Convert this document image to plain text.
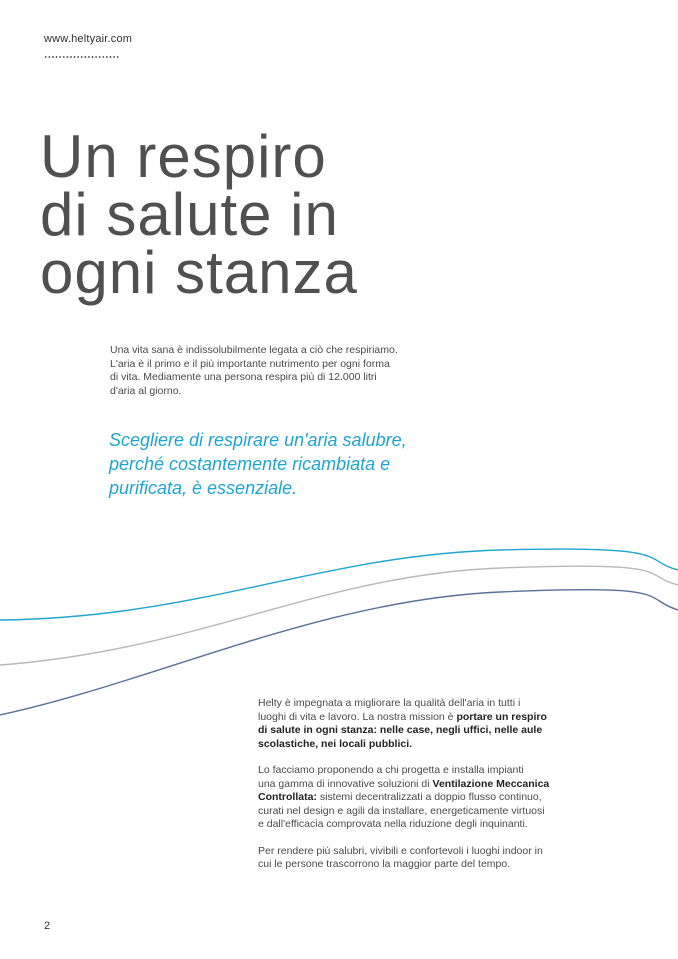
www.heltyair.com
Un respiro
di salute in
ogni stanza
Una vita sana è indissolubilmente legata a ciò che respiriamo.
L'aria è il primo e il più importante nutrimento per ogni forma
di vita. Mediamente una persona respira più di 12.000 litri
d'aria al giorno.
Scegliere di respirare un'aria salubre,
perché costantemente ricambiata e
purificata, è essenziale.

Helty è impegnata a migliorare la qualità dell'aria in tutti i
luoghi di vita e lavoro. La nostra mission è portare un respiro
di salute in ogni stanza: nelle case, negli uffici, nelle aule
scolastiche, nei locali pubblici.

Lo facciamo proponendo a chi progetta e installa impianti
una gamma di innovative soluzioni di Ventilazione Meccanica
Controllata: sistemi decentralizzati a doppio flusso continuo,
curati nel design e agili da installare, energeticamente virtuosi
e dall'efficacia comprovata nella riduzione degli inquinanti.

Per rendere più salubri, vivibili e confortevoli i luoghi indoor in
cui le persone trascorrono la maggior parte del tempo.

2
